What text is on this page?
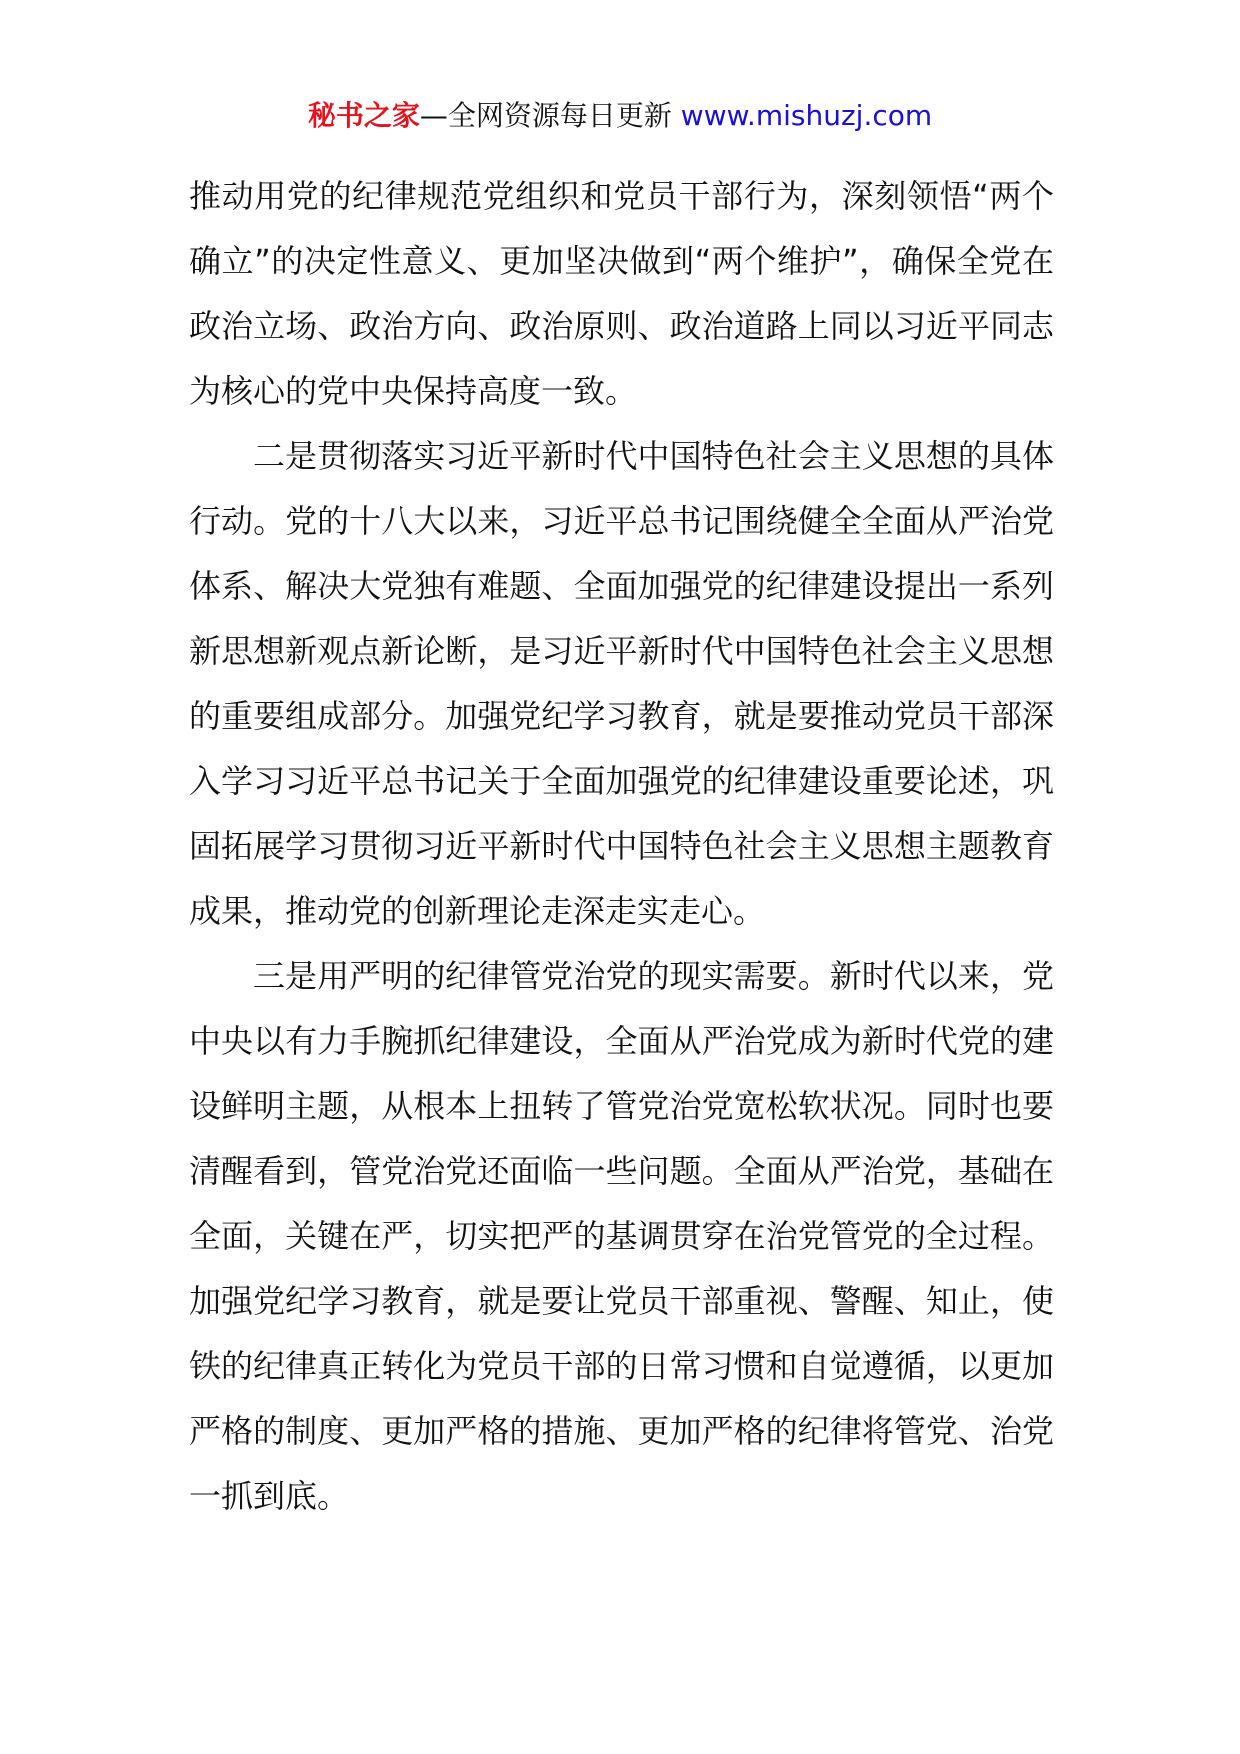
秘书之家—全网资源每日更新 www.mishuzj.com

推动用党的纪律规范党组织和党员干部行为，深刻领悟“两个确立”的决定性意义、更加坚决做到“两个维护”，确保全党在政治立场、政治方向、政治原则、政治道路上同以习近平同志为核心的党中央保持高度一致。

二是贯彻落实习近平新时代中国特色社会主义思想的具体行动。党的十八大以来，习近平总书记围绕健全全面从严治党体系、解决大党独有难题、全面加强党的纪律建设提出一系列新思想新观点新论断，是习近平新时代中国特色社会主义思想的重要组成部分。加强党纪学习教育，就是要推动党员干部深入学习习近平总书记关于全面加强党的纪律建设重要论述，巩固拓展学习贯彻习近平新时代中国特色社会主义思想主题教育成果，推动党的创新理论走深走实走心。

三是用严明的纪律管党治党的现实需要。新时代以来，党中央以有力手腕抓纪律建设，全面从严治党成为新时代党的建设鲜明主题，从根本上扭转了管党治党宽松软状况。同时也要清醒看到，管党治党还面临一些问题。全面从严治党，基础在全面，关键在严，切实把严的基调贯穿在治党管党的全过程。加强党纪学习教育，就是要让党员干部重视、警醒、知止，使铁的纪律真正转化为党员干部的日常习惯和自觉遵循，以更加严格的制度、更加严格的措施、更加严格的纪律将管党、治党一抓到底。
